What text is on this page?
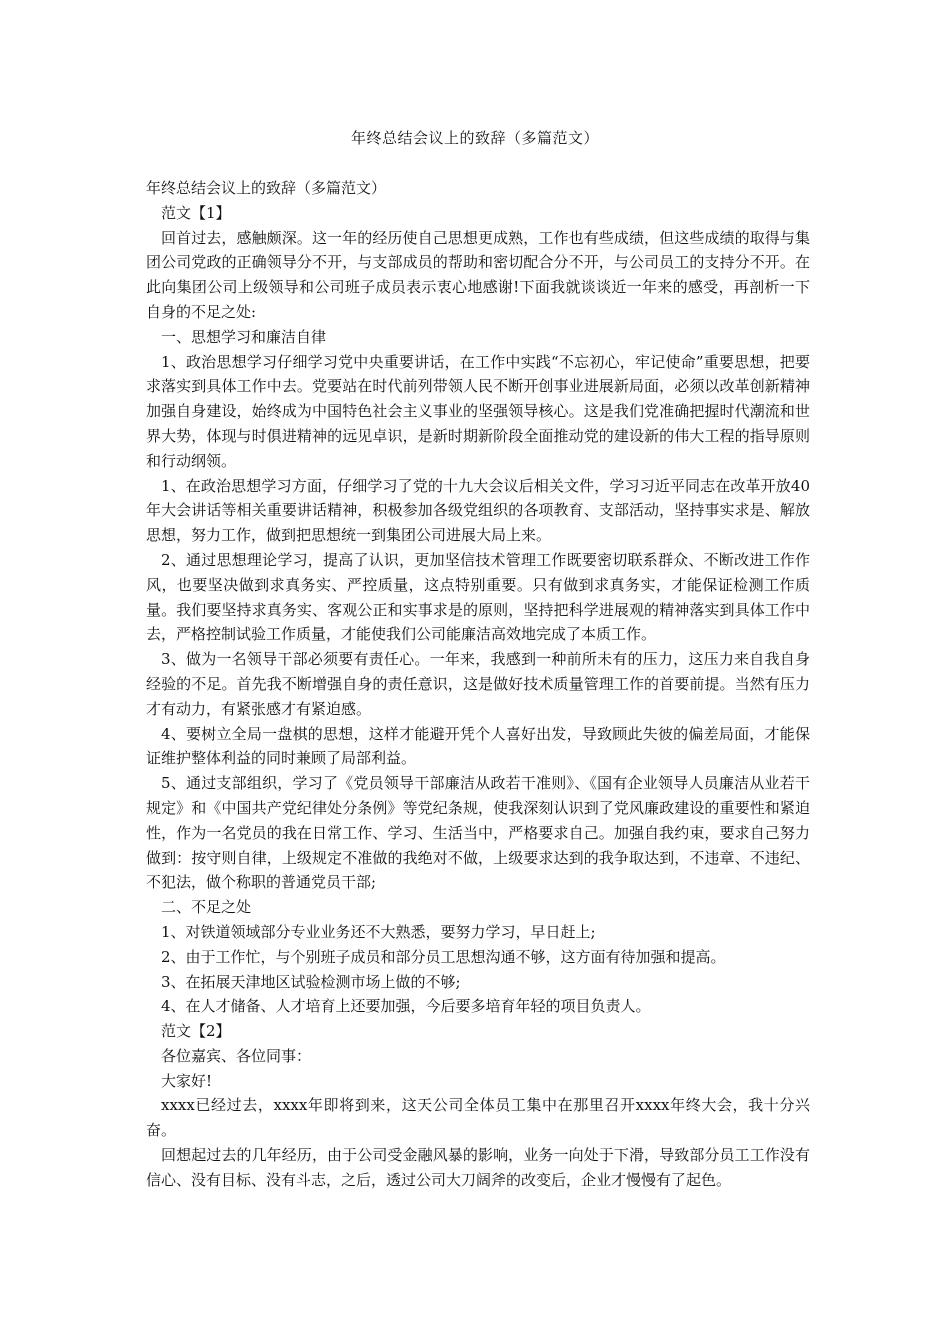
年终总结会议上的致辞（多篇范文）

年终总结会议上的致辞（多篇范文）

范文【1】

回首过去，感触颇深。这一年的经历使自己思想更成熟，工作也有些成绩，但这些成绩的取得与集团公司党政的正确领导分不开，与支部成员的帮助和密切配合分不开，与公司员工的支持分不开。在此向集团公司上级领导和公司班子成员表示衷心地感谢!下面我就谈谈近一年来的感受，再剖析一下自身的不足之处:

一、思想学习和廉洁自律

1、政治思想学习仔细学习党中央重要讲话，在工作中实践“不忘初心，牢记使命”重要思想，把要求落实到具体工作中去。党要站在时代前列带领人民不断开创事业进展新局面，必须以改革创新精神加强自身建设，始终成为中国特色社会主义事业的坚强领导核心。这是我们党准确把握时代潮流和世界大势，体现与时俱进精神的远见卓识，是新时期新阶段全面推动党的建设新的伟大工程的指导原则和行动纲领。

1、在政治思想学习方面，仔细学习了党的十九大会议后相关文件，学习习近平同志在改革开放40年大会讲话等相关重要讲话精神，积极参加各级党组织的各项教育、支部活动，坚持事实求是、解放思想，努力工作，做到把思想统一到集团公司进展大局上来。

2、通过思想理论学习，提高了认识，更加坚信技术管理工作既要密切联系群众、不断改进工作作风，也要坚决做到求真务实、严控质量，这点特别重要。只有做到求真务实，才能保证检测工作质量。我们要坚持求真务实、客观公正和实事求是的原则，坚持把科学进展观的精神落实到具体工作中去，严格控制试验工作质量，才能使我们公司能廉洁高效地完成了本质工作。

3、做为一名领导干部必须要有责任心。一年来，我感到一种前所未有的压力，这压力来自我自身经验的不足。首先我不断增强自身的责任意识，这是做好技术质量管理工作的首要前提。当然有压力才有动力，有紧张感才有紧迫感。

4、要树立全局一盘棋的思想，这样才能避开凭个人喜好出发，导致顾此失彼的偏差局面，才能保证维护整体利益的同时兼顾了局部利益。

5、通过支部组织，学习了《党员领导干部廉洁从政若干准则》、《国有企业领导人员廉洁从业若干规定》和《中国共产党纪律处分条例》等党纪条规，使我深刻认识到了党风廉政建设的重要性和紧迫性，作为一名党员的我在日常工作、学习、生活当中，严格要求自己。加强自我约束，要求自己努力做到：按守则自律，上级规定不准做的我绝对不做，上级要求达到的我争取达到，不违章、不违纪、不犯法，做个称职的普通党员干部;

二、不足之处

1、对铁道领域部分专业业务还不大熟悉，要努力学习，早日赶上;

2、由于工作忙，与个别班子成员和部分员工思想沟通不够，这方面有待加强和提高。

3、在拓展天津地区试验检测市场上做的不够;

4、在人才储备、人才培育上还要加强，今后要多培育年轻的项目负责人。

范文【2】

各位嘉宾、各位同事：

大家好!

xxxx已经过去，xxxx年即将到来，这天公司全体员工集中在那里召开xxxx年终大会，我十分兴奋。

回想起过去的几年经历，由于公司受金融风暴的影响，业务一向处于下滑，导致部分员工工作没有信心、没有目标、没有斗志，之后，透过公司大刀阔斧的改变后，企业才慢慢有了起色。
